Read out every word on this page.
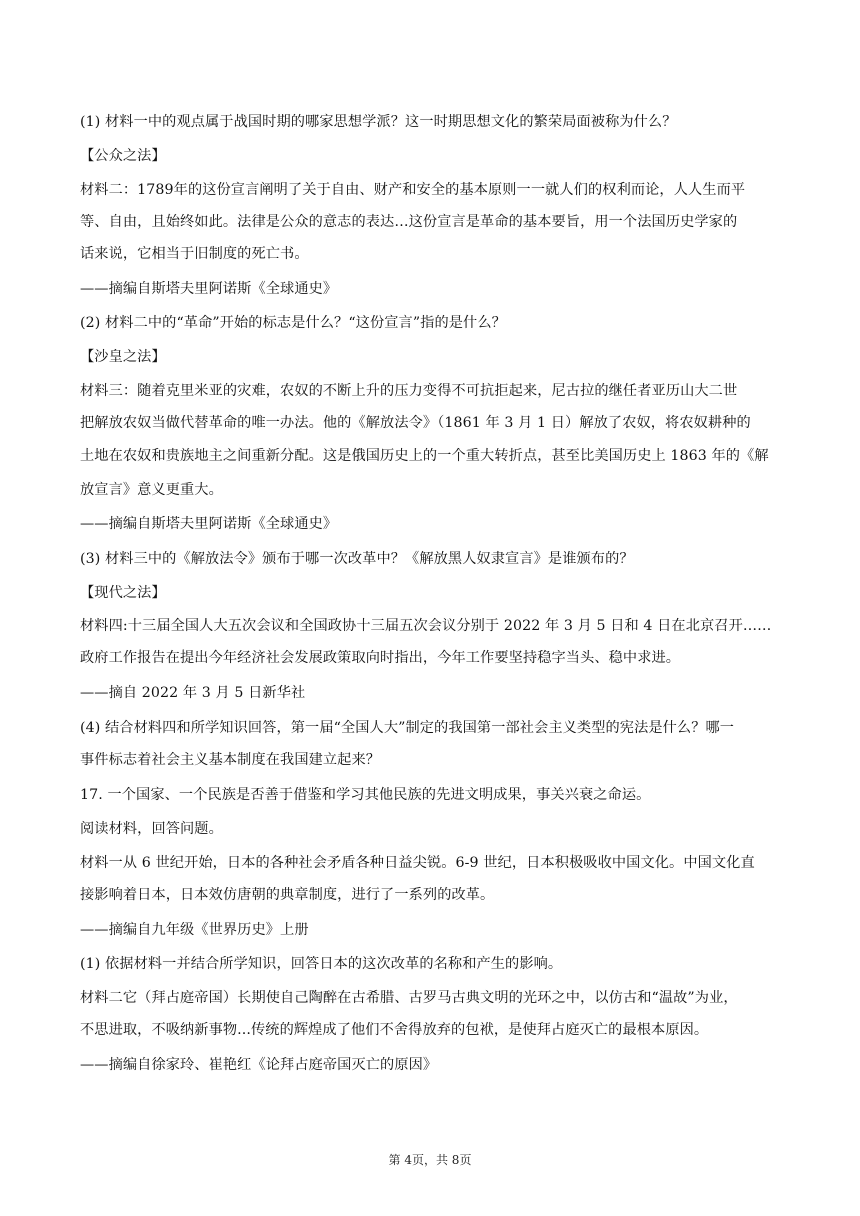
(1) 材料一中的观点属于战国时期的哪家思想学派？这一时期思想文化的繁荣局面被称为什么？
【公众之法】
材料二：1789年的这份宣言阐明了关于自由、财产和安全的基本原则一一就人们的权利而论，人人生而平
等、自由，且始终如此。法律是公众的意志的表达…这份宣言是革命的基本要旨，用一个法国历史学家的
话来说，它相当于旧制度的死亡书。
——摘编自斯塔夫里阿诺斯《全球通史》
(2) 材料二中的“革命”开始的标志是什么？“这份宣言”指的是什么？
【沙皇之法】
材料三：随着克里米亚的灾难，农奴的不断上升的压力变得不可抗拒起来，尼古拉的继任者亚历山大二世
把解放农奴当做代替革命的唯一办法。他的《解放法令》（1861 年 3 月 1 日）解放了农奴，将农奴耕种的
土地在农奴和贵族地主之间重新分配。这是俄国历史上的一个重大转折点，甚至比美国历史上 1863 年的《解
放宣言》意义更重大。
——摘编自斯塔夫里阿诺斯《全球通史》
(3) 材料三中的《解放法令》颁布于哪一次改革中？《解放黑人奴隶宣言》是谁颁布的？
【现代之法】
材料四:十三届全国人大五次会议和全国政协十三届五次会议分别于 2022 年 3 月 5 日和 4 日在北京召开……
政府工作报告在提出今年经济社会发展政策取向时指出，今年工作要坚持稳字当头、稳中求进。
——摘自 2022 年 3 月 5 日新华社
(4) 结合材料四和所学知识回答，第一届“全国人大”制定的我国第一部社会主义类型的宪法是什么？哪一
事件标志着社会主义基本制度在我国建立起来？
17. 一个国家、一个民族是否善于借鉴和学习其他民族的先进文明成果，事关兴衰之命运。
阅读材料，回答问题。
材料一从 6 世纪开始，日本的各种社会矛盾各种日益尖锐。6-9 世纪，日本积极吸收中国文化。中国文化直
接影响着日本，日本效仿唐朝的典章制度，进行了一系列的改革。
——摘编自九年级《世界历史》上册
(1) 依据材料一并结合所学知识，回答日本的这次改革的名称和产生的影响。
材料二它（拜占庭帝国）长期使自己陶醉在古希腊、古罗马古典文明的光环之中，以仿古和“温故”为业，
不思进取，不吸纳新事物...传统的辉煌成了他们不舍得放弃的包袱，是使拜占庭灭亡的最根本原因。
——摘编自徐家玲、崔艳红《论拜占庭帝国灭亡的原因》
第 4页，共 8页
